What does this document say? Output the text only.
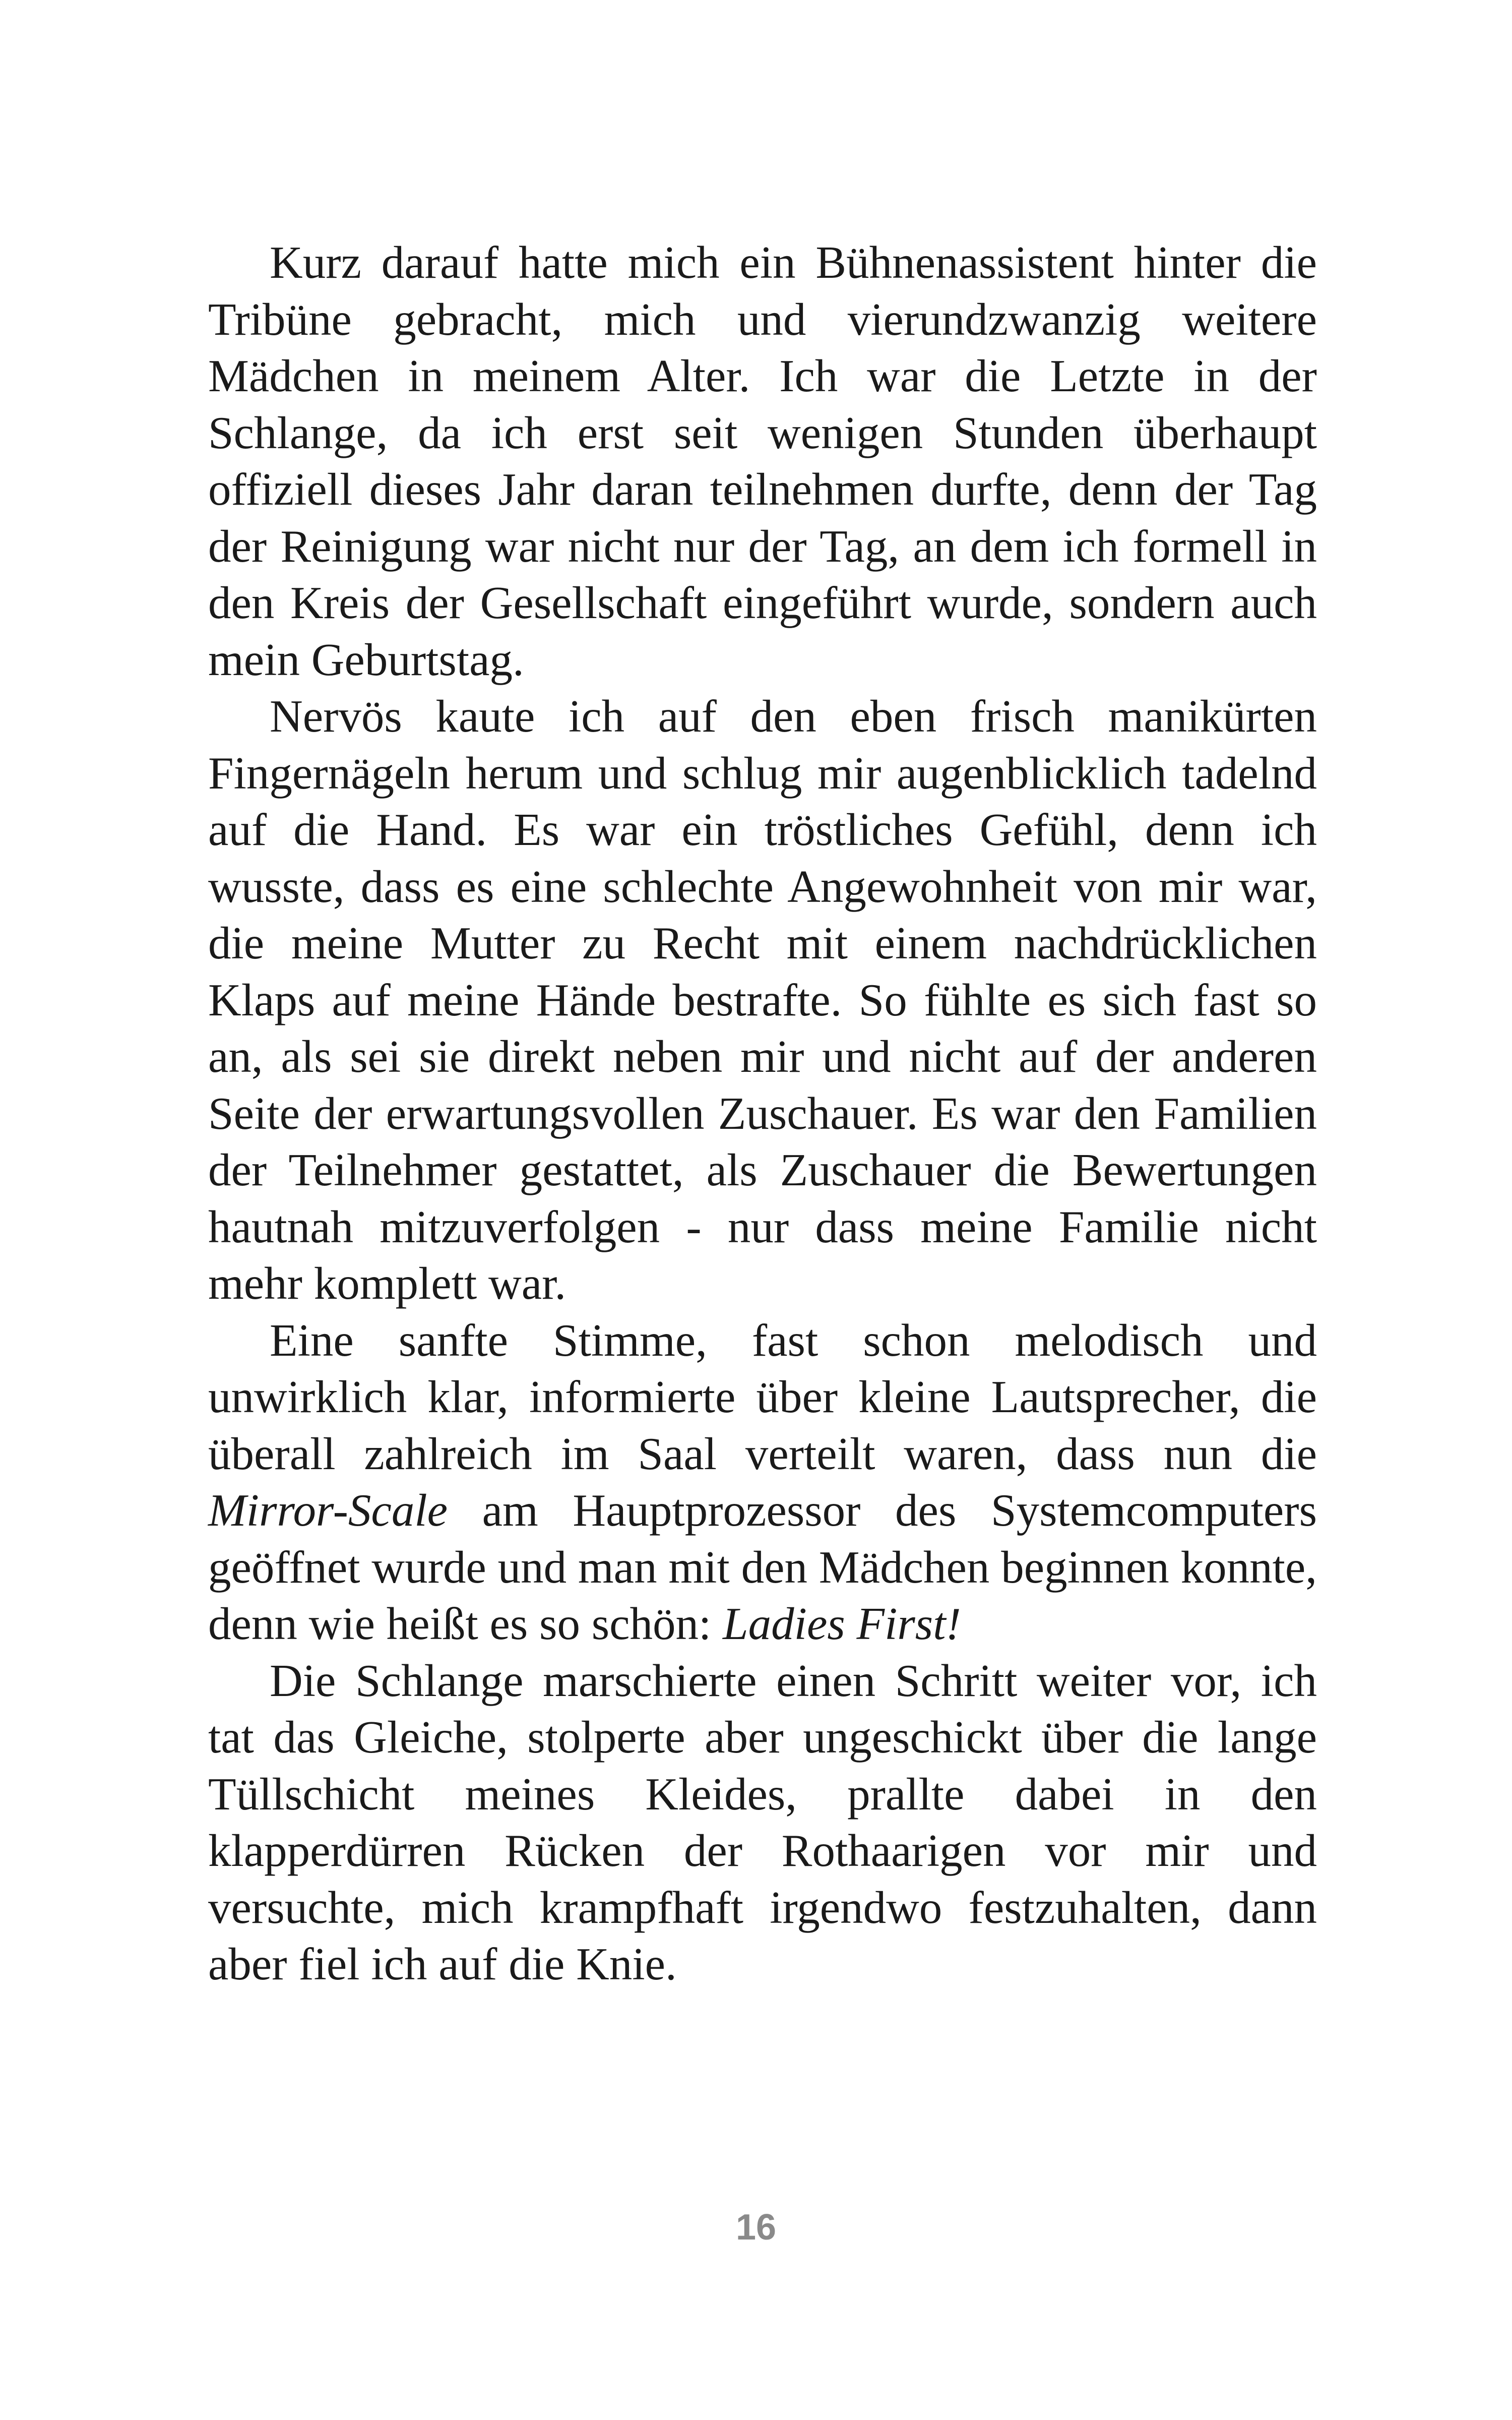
Kurz darauf hatte mich ein Bühnenassistent hinter die Tribüne gebracht, mich und vierundzwanzig weitere Mädchen in meinem Alter. Ich war die Letzte in der Schlange, da ich erst seit wenigen Stunden überhaupt offiziell dieses Jahr daran teilnehmen durfte, denn der Tag der Reinigung war nicht nur der Tag, an dem ich formell in den Kreis der Gesellschaft eingeführt wurde, sondern auch mein Geburtstag.

Nervös kaute ich auf den eben frisch manikürten Fingernägeln herum und schlug mir augenblicklich tadelnd auf die Hand. Es war ein tröstliches Gefühl, denn ich wusste, dass es eine schlechte Angewohnheit von mir war, die meine Mutter zu Recht mit einem nachdrücklichen Klaps auf meine Hände bestrafte. So fühlte es sich fast so an, als sei sie direkt neben mir und nicht auf der anderen Seite der erwartungsvollen Zuschauer. Es war den Familien der Teilnehmer gestattet, als Zuschauer die Bewertungen hautnah mitzuverfolgen - nur dass meine Familie nicht mehr komplett war.

Eine sanfte Stimme, fast schon melodisch und unwirklich klar, informierte über kleine Lautsprecher, die überall zahlreich im Saal verteilt waren, dass nun die Mirror-Scale am Hauptprozessor des Systemcomputers geöffnet wurde und man mit den Mädchen beginnen konnte, denn wie heißt es so schön: Ladies First!

Die Schlange marschierte einen Schritt weiter vor, ich tat das Gleiche, stolperte aber ungeschickt über die lange Tüllschicht meines Kleides, prallte dabei in den klapperdürren Rücken der Rothaarigen vor mir und versuchte, mich krampfhaft irgendwo festzuhalten, dann aber fiel ich auf die Knie.

16
